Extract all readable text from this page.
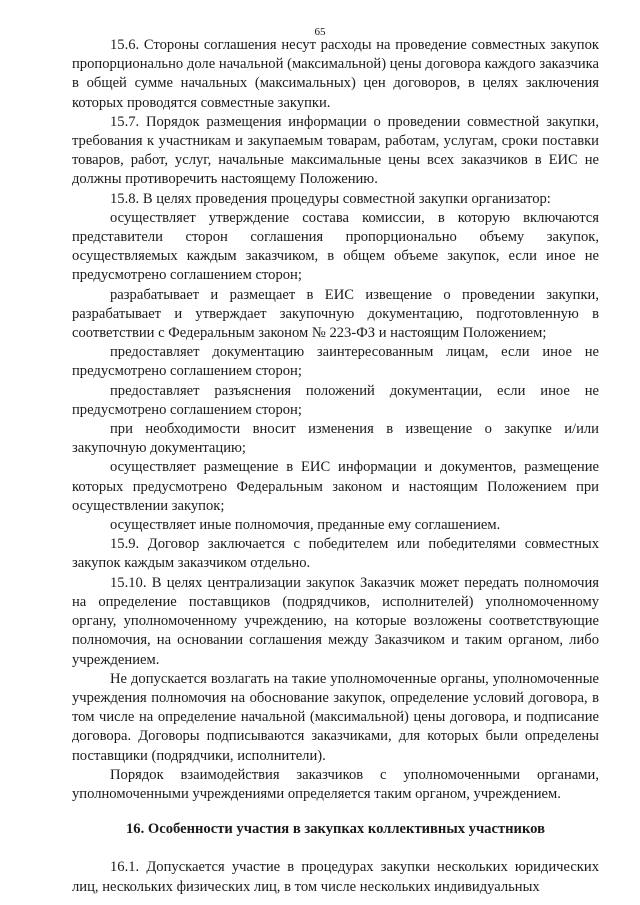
65

15.6. Стороны соглашения несут расходы на проведение совместных закупок пропорционально доле начальной (максимальной) цены договора каждого заказчика в общей сумме начальных (максимальных) цен договоров, в целях заключения которых проводятся совместные закупки.

15.7. Порядок размещения информации о проведении совместной закупки, требования к участникам и закупаемым товарам, работам, услугам, сроки поставки товаров, работ, услуг, начальные максимальные цены всех заказчиков в ЕИС не должны противоречить настоящему Положению.

15.8. В целях проведения процедуры совместной закупки организатор:

осуществляет утверждение состава комиссии, в которую включаются представители сторон соглашения пропорционально объему закупок, осуществляемых каждым заказчиком, в общем объеме закупок, если иное не предусмотрено соглашением сторон;

разрабатывает и размещает в ЕИС извещение о проведении закупки, разрабатывает и утверждает закупочную документацию, подготовленную в соответствии с Федеральным законом № 223-ФЗ и настоящим Положением;

предоставляет документацию заинтересованным лицам, если иное не предусмотрено соглашением сторон;

предоставляет разъяснения положений документации, если иное не предусмотрено соглашением сторон;

при необходимости вносит изменения в извещение о закупке и/или закупочную документацию;

осуществляет размещение в ЕИС информации и документов, размещение которых предусмотрено Федеральным законом и настоящим Положением при осуществлении закупок;

осуществляет иные полномочия, преданные ему соглашением.

15.9. Договор заключается с победителем или победителями совместных закупок каждым заказчиком отдельно.

15.10. В целях централизации закупок Заказчик может передать полномочия на определение поставщиков (подрядчиков, исполнителей) уполномоченному органу, уполномоченному учреждению, на которые возложены соответствующие полномочия, на основании соглашения между Заказчиком и таким органом, либо учреждением.

Не допускается возлагать на такие уполномоченные органы, уполномоченные учреждения полномочия на обоснование закупок, определение условий договора, в том числе на определение начальной (максимальной) цены договора, и подписание договора. Договоры подписываются заказчиками, для которых были определены поставщики (подрядчики, исполнители).

Порядок взаимодействия заказчиков с уполномоченными органами, уполномоченными учреждениями определяется таким органом, учреждением.

16. Особенности участия в закупках коллективных участников

16.1. Допускается участие в процедурах закупки нескольких юридических лиц, нескольких физических лиц, в том числе нескольких индивидуальных
